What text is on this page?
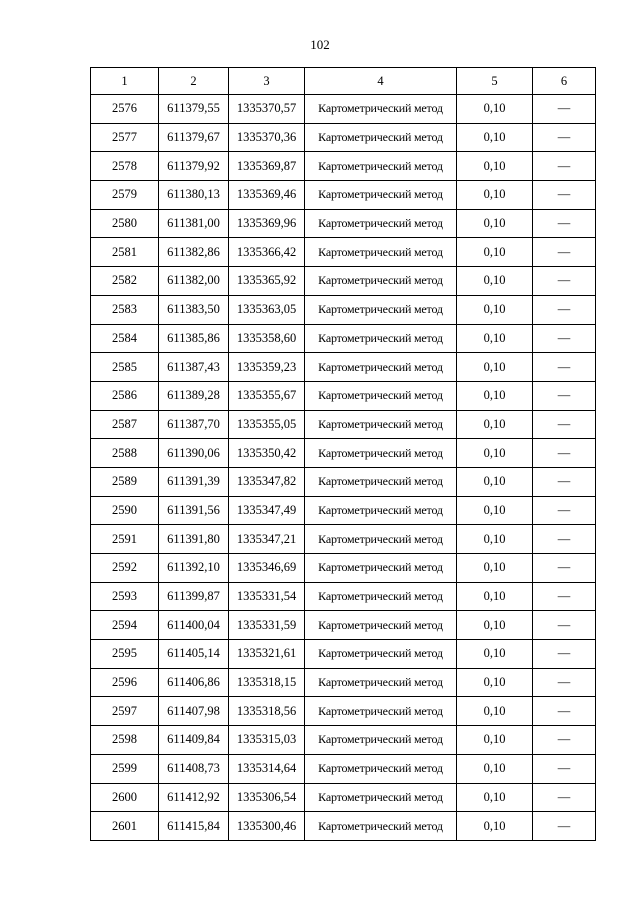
102
1	2	3	4	5	6
2576	611379,55	1335370,57	Картометрический метод	0,10	—
2577	611379,67	1335370,36	Картометрический метод	0,10	—
2578	611379,92	1335369,87	Картометрический метод	0,10	—
2579	611380,13	1335369,46	Картометрический метод	0,10	—
2580	611381,00	1335369,96	Картометрический метод	0,10	—
2581	611382,86	1335366,42	Картометрический метод	0,10	—
2582	611382,00	1335365,92	Картометрический метод	0,10	—
2583	611383,50	1335363,05	Картометрический метод	0,10	—
2584	611385,86	1335358,60	Картометрический метод	0,10	—
2585	611387,43	1335359,23	Картометрический метод	0,10	—
2586	611389,28	1335355,67	Картометрический метод	0,10	—
2587	611387,70	1335355,05	Картометрический метод	0,10	—
2588	611390,06	1335350,42	Картометрический метод	0,10	—
2589	611391,39	1335347,82	Картометрический метод	0,10	—
2590	611391,56	1335347,49	Картометрический метод	0,10	—
2591	611391,80	1335347,21	Картометрический метод	0,10	—
2592	611392,10	1335346,69	Картометрический метод	0,10	—
2593	611399,87	1335331,54	Картометрический метод	0,10	—
2594	611400,04	1335331,59	Картометрический метод	0,10	—
2595	611405,14	1335321,61	Картометрический метод	0,10	—
2596	611406,86	1335318,15	Картометрический метод	0,10	—
2597	611407,98	1335318,56	Картометрический метод	0,10	—
2598	611409,84	1335315,03	Картометрический метод	0,10	—
2599	611408,73	1335314,64	Картометрический метод	0,10	—
2600	611412,92	1335306,54	Картометрический метод	0,10	—
2601	611415,84	1335300,46	Картометрический метод	0,10	—
